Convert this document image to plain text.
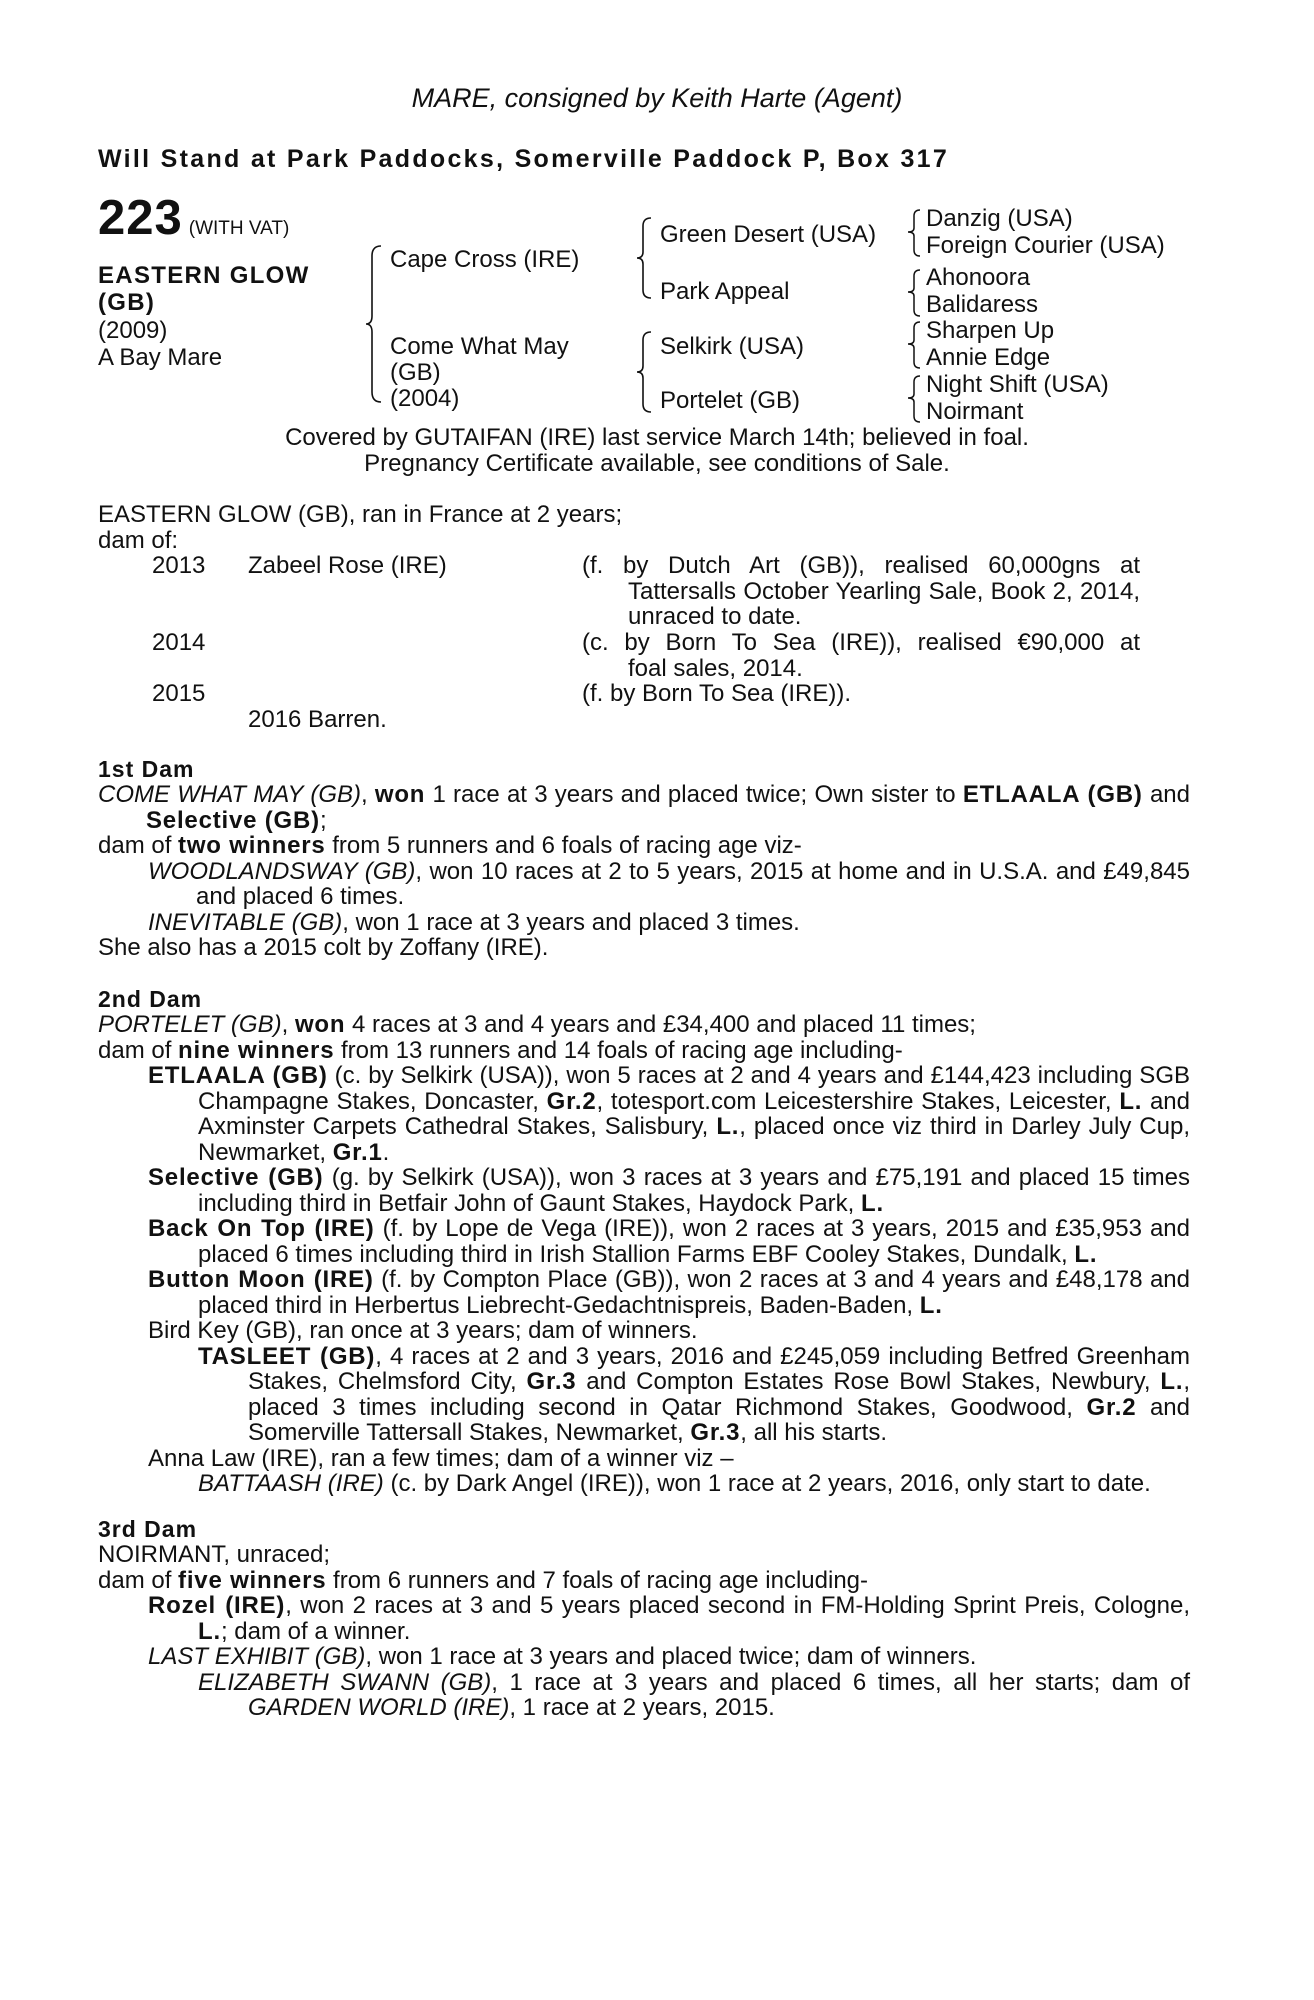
MARE, consigned by Keith Harte (Agent)
Will Stand at Park Paddocks, Somerville Paddock P, Box 317
223 (WITH VAT)
EASTERN GLOW
(GB)
(2009)
A Bay Mare
Cape Cross (IRE)
Come What May
(GB)
(2004)
Green Desert (USA)
Park Appeal
Selkirk (USA)
Portelet (GB)
Danzig (USA)
Foreign Courier (USA)
Ahonoora
Balidaress
Sharpen Up
Annie Edge
Night Shift (USA)
Noirmant
Covered by GUTAIFAN (IRE) last service March 14th; believed in foal.
Pregnancy Certificate available, see conditions of Sale.
EASTERN GLOW (GB), ran in France at 2 years;
dam of:
2013 Zabeel Rose (IRE)	(f. by Dutch Art (GB)), realised 60,000gns at
Tattersalls October Yearling Sale, Book 2, 2014, unraced to date.
2014	(c. by Born To Sea (IRE)), realised €90,000 at
foal sales, 2014.
2015	(f. by Born To Sea (IRE)).
2016 Barren.
1st Dam
COME WHAT MAY (GB), won 1 race at 3 years and placed twice; Own sister to ETLAALA (GB) and Selective (GB);
dam of two winners from 5 runners and 6 foals of racing age viz-
WOODLANDSWAY (GB), won 10 races at 2 to 5 years, 2015 at home and in U.S.A. and £49,845 and placed 6 times.
INEVITABLE (GB), won 1 race at 3 years and placed 3 times.
She also has a 2015 colt by Zoffany (IRE).
2nd Dam
PORTELET (GB), won 4 races at 3 and 4 years and £34,400 and placed 11 times;
dam of nine winners from 13 runners and 14 foals of racing age including-
ETLAALA (GB) (c. by Selkirk (USA)), won 5 races at 2 and 4 years and £144,423 including SGB Champagne Stakes, Doncaster, Gr.2, totesport.com Leicestershire Stakes, Leicester, L. and Axminster Carpets Cathedral Stakes, Salisbury, L., placed once viz third in Darley July Cup, Newmarket, Gr.1.
Selective (GB) (g. by Selkirk (USA)), won 3 races at 3 years and £75,191 and placed 15 times including third in Betfair John of Gaunt Stakes, Haydock Park, L.
Back On Top (IRE) (f. by Lope de Vega (IRE)), won 2 races at 3 years, 2015 and £35,953 and placed 6 times including third in Irish Stallion Farms EBF Cooley Stakes, Dundalk, L.
Button Moon (IRE) (f. by Compton Place (GB)), won 2 races at 3 and 4 years and £48,178 and placed third in Herbertus Liebrecht-Gedachtnispreis, Baden-Baden, L.
Bird Key (GB), ran once at 3 years; dam of winners.
TASLEET (GB), 4 races at 2 and 3 years, 2016 and £245,059 including Betfred Greenham Stakes, Chelmsford City, Gr.3 and Compton Estates Rose Bowl Stakes, Newbury, L., placed 3 times including second in Qatar Richmond Stakes, Goodwood, Gr.2 and Somerville Tattersall Stakes, Newmarket, Gr.3, all his starts.
Anna Law (IRE), ran a few times; dam of a winner viz –
BATTAASH (IRE) (c. by Dark Angel (IRE)), won 1 race at 2 years, 2016, only start to date.
3rd Dam
NOIRMANT, unraced;
dam of five winners from 6 runners and 7 foals of racing age including-
Rozel (IRE), won 2 races at 3 and 5 years placed second in FM-Holding Sprint Preis, Cologne, L.; dam of a winner.
LAST EXHIBIT (GB), won 1 race at 3 years and placed twice; dam of winners.
ELIZABETH SWANN (GB), 1 race at 3 years and placed 6 times, all her starts; dam of GARDEN WORLD (IRE), 1 race at 2 years, 2015.
